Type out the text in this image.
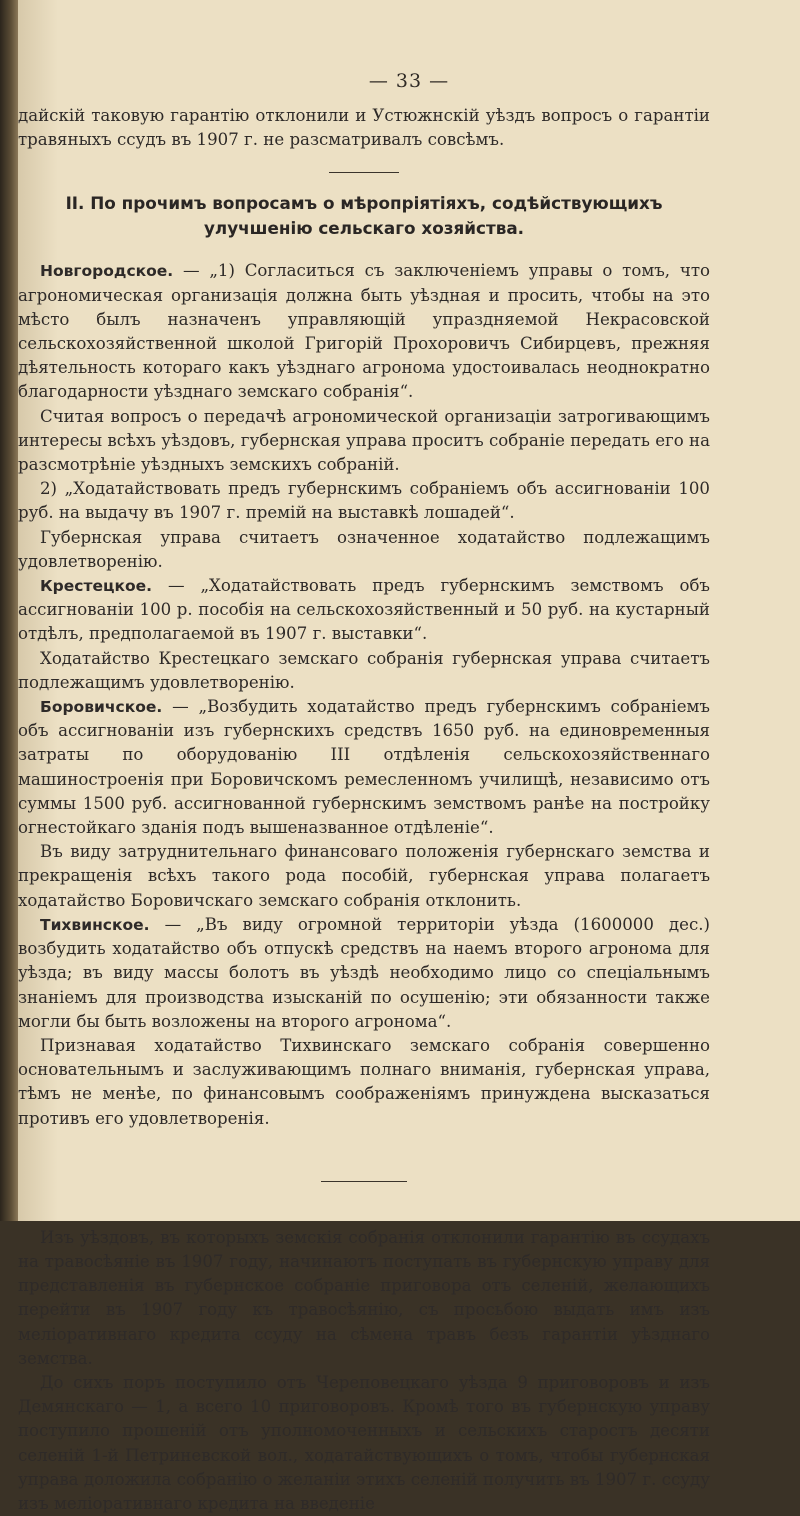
— 33 —

дайскій таковую гарантію отклонили и Устюжнскій уѣздъ вопросъ о гарантіи травяныхъ ссудъ въ 1907 г. не разсматривалъ совсѣмъ.

II. По прочимъ вопросамъ о мѣропріятіяхъ, содѣйствующихъ улучшенію сельскаго хозяйства.

Новгородское. — „1) Согласиться съ заключеніемъ управы о томъ, что агрономическая организація должна быть уѣздная и просить, чтобы на это мѣсто былъ назначенъ управляющій упраздняемой Некрасовской сельскохозяйственной школой Григорій Прохоровичъ Сибирцевъ, прежняя дѣятельность котораго какъ уѣзднаго агронома удостоивалась неоднократно благодарности уѣзднаго земскаго собранія“.

Считая вопросъ о передачѣ агрономической организаціи затрогивающимъ интересы всѣхъ уѣздовъ, губернская управа проситъ собраніе передать его на разсмотрѣніе уѣздныхъ земскихъ собраній.

2) „Ходатайствовать предъ губернскимъ собраніемъ объ ассигнованіи 100 руб. на выдачу въ 1907 г. премій на выставкѣ лошадей“.

Губернская управа считаетъ означенное ходатайство подлежащимъ удовлетворенію.

Крестецкое. — „Ходатайствовать предъ губернскимъ земствомъ объ ассигнованіи 100 р. пособія на сельскохозяйственный и 50 руб. на кустарный отдѣлъ, предполагаемой въ 1907 г. выставки“.

Ходатайство Крестецкаго земскаго собранія губернская управа считаетъ подлежащимъ удовлетворенію.

Боровичское. — „Возбудить ходатайство предъ губернскимъ собраніемъ объ ассигнованіи изъ губернскихъ средствъ 1650 руб. на единовременныя затраты по оборудованію III отдѣленія сельскохозяйственнаго машиностроенія при Боровичскомъ ремесленномъ училищѣ, независимо отъ суммы 1500 руб. ассигнованной губернскимъ земствомъ ранѣе на постройку огнестойкаго зданія подъ вышеназванное отдѣленіе“.

Въ виду затруднительнаго финансоваго положенія губернскаго земства и прекращенія всѣхъ такого рода пособій, губернская управа полагаетъ ходатайство Боровичскаго земскаго собранія отклонить.

Тихвинское. — „Въ виду огромной территоріи уѣзда (1600000 дес.) возбудить ходатайство объ отпускѣ средствъ на наемъ второго агронома для уѣзда; въ виду массы болотъ въ уѣздѣ необходимо лицо со спеціальнымъ знаніемъ для производства изысканій по осушенію; эти обязанности также могли бы быть возложены на второго агронома“.

Признавая ходатайство Тихвинскаго земскаго собранія совершенно основательнымъ и заслуживающимъ полнаго вниманія, губернская управа, тѣмъ не менѣе, по финансовымъ соображеніямъ принуждена высказаться противъ его удовлетворенія.

Изъ уѣздовъ, въ которыхъ земскія собранія отклонили гарантію въ ссудахъ на травосѣяніе въ 1907 году, начинаютъ поступать въ губернскую управу для представленія въ губернское собраніе приговора отъ селеній, желающихъ перейти въ 1907 году къ травосѣянію, съ просьбою выдать имъ изъ меліоративнаго кредита ссуду на сѣмена травъ безъ гарантіи уѣзднаго земства.

До сихъ поръ поступило отъ Череповецкаго уѣзда 9 приговоровъ и изъ Демянскаго — 1, а всего 10 приговоровъ. Кромѣ того въ губернскую управу поступило прошеній отъ уполномоченныхъ и сельскихъ старостъ десяти селеній 1-й Петриневской вол., ходатайствующихъ о томъ, чтобы губернская управа доложила собранію о желаніи этихъ селеній получить въ 1907 г. ссуду изъ меліоративнаго кредита на введеніе
